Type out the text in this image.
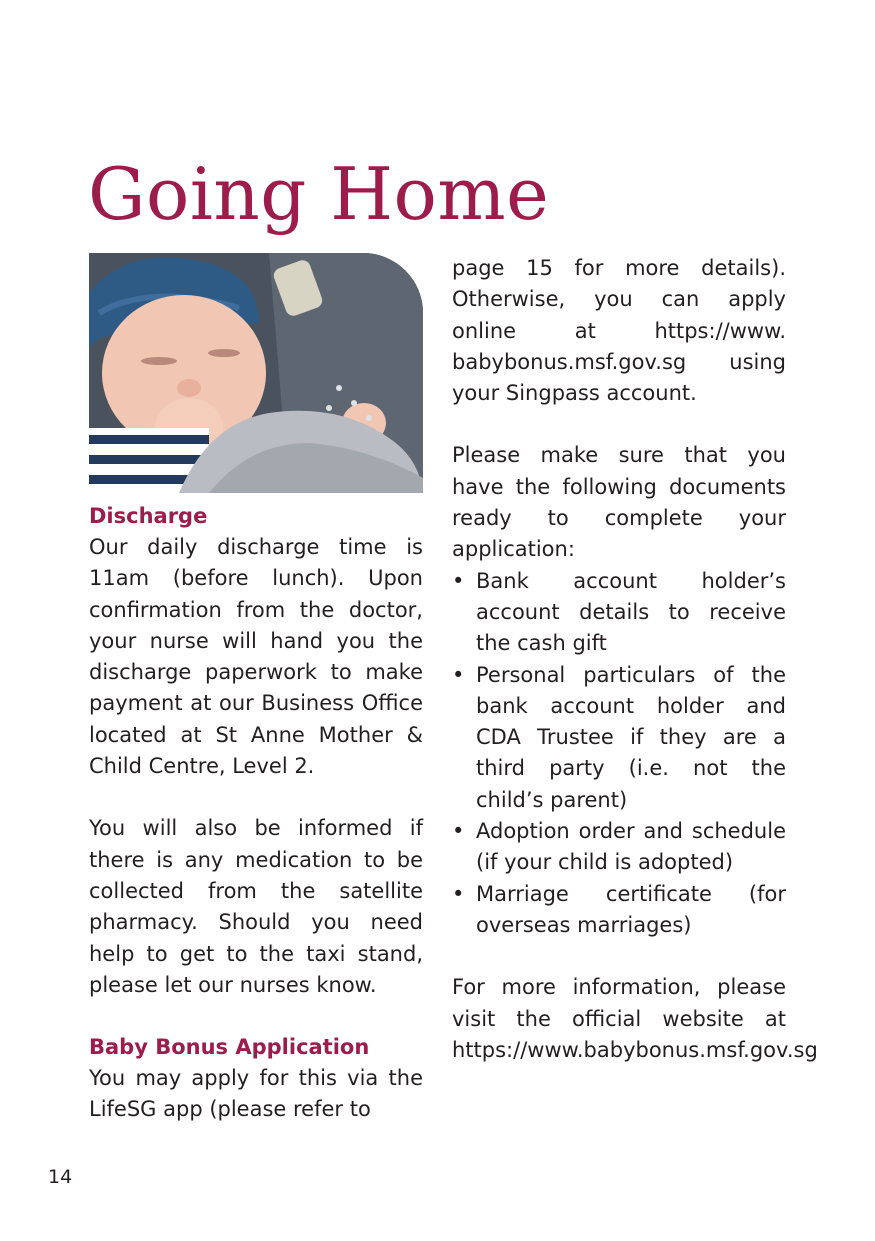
Going Home
Discharge

Our daily discharge time is 11am (before lunch). Upon confirmation from the doctor, your nurse will hand you the discharge paperwork to make payment at our Business Office located at St Anne Mother & Child Centre, Level 2.

You will also be informed if there is any medication to be collected from the satellite pharmacy. Should you need help to get to the taxi stand, please let our nurses know.

Baby Bonus Application

You may apply for this via the LifeSG app (please refer to

page 15 for more details). Otherwise, you can apply online at https://www. babybonus.msf.gov.sg using your Singpass account.

Please make sure that you have the following documents ready to complete your application:

• Bank account holder’s account details to receive the cash gift
• Personal particulars of the bank account holder and CDA Trustee if they are a third party (i.e. not the child’s parent)
• Adoption order and schedule (if your child is adopted)
• Marriage certificate (for overseas marriages)

For more information, please visit the official website at https://www.babybonus.msf.gov.sg

14
